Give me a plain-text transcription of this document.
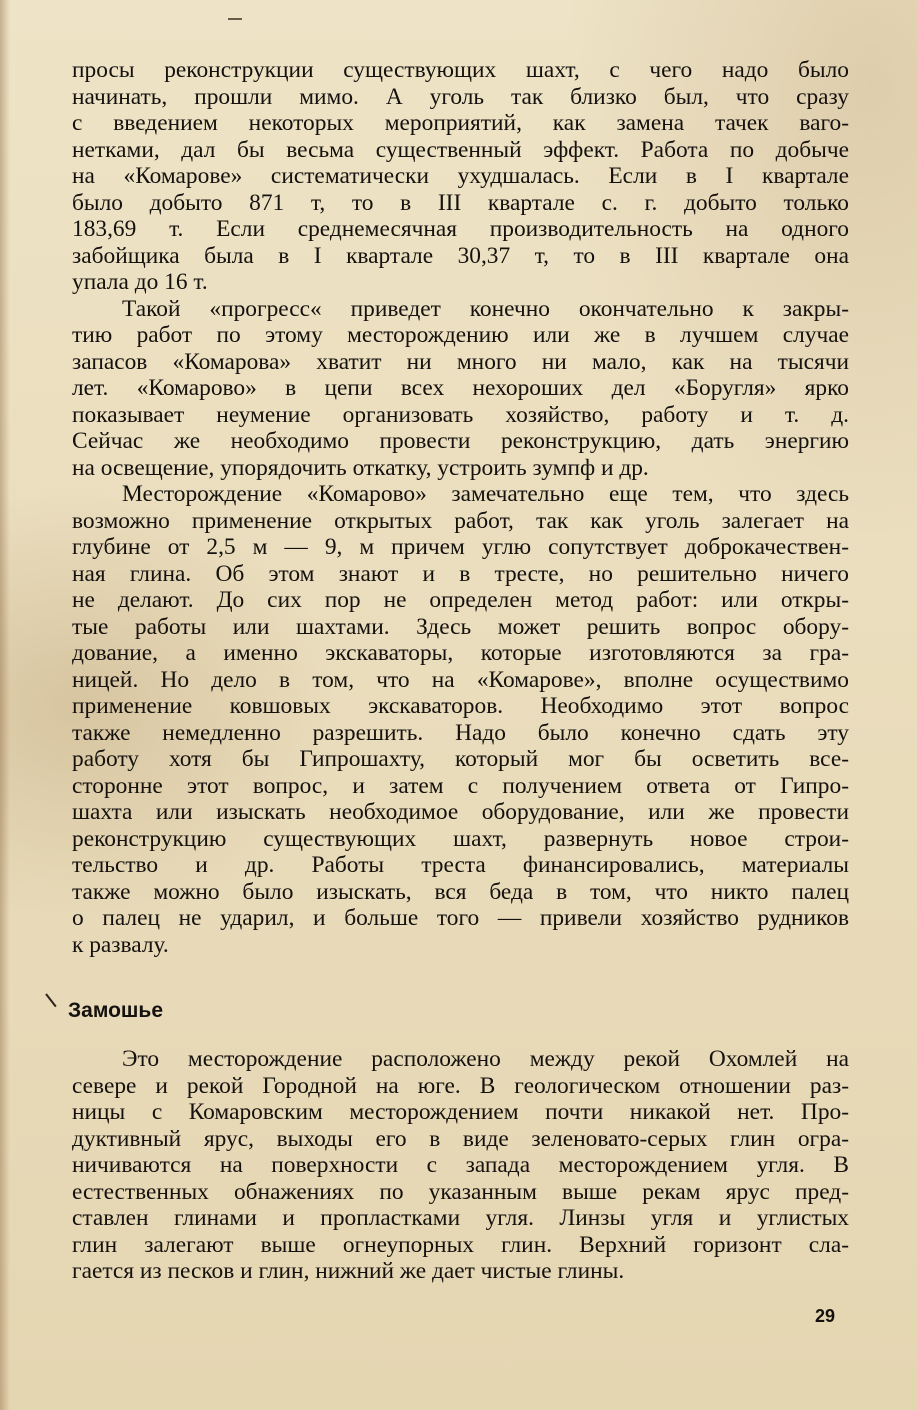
просы реконструкции существующих шахт, с чего надо было
начинать, прошли мимо. А уголь так близко был, что сразу
с введением некоторых мероприятий, как замена тачек ваго-
нетками, дал бы весьма существенный эффект. Работа по добыче
на «Комарове» систематически ухудшалась. Если в I квартале
было добыто 871 т, то в III квартале с. г. добыто только
183,69 т. Если среднемесячная производительность на одного
забойщика была в I квартале 30,37 т, то в III квартале она
упала до 16 т.
Такой «прогресс« приведет конечно окончательно к закры-
тию работ по этому месторождению или же в лучшем случае
запасов «Комарова» хватит ни много ни мало, как на тысячи
лет. «Комарово» в цепи всех нехороших дел «Боругля» ярко
показывает неумение организовать хозяйство, работу и т. д.
Сейчас же необходимо провести реконструкцию, дать энергию
на освещение, упорядочить откатку, устроить зумпф и др.
Месторождение «Комарово» замечательно еще тем, что здесь
возможно применение открытых работ, так как уголь залегает на
глубине от 2,5 м — 9, м причем углю сопутствует доброкачествен-
ная глина. Об этом знают и в тресте, но решительно ничего
не делают. До сих пор не определен метод работ: или откры-
тые работы или шахтами. Здесь может решить вопрос обору-
дование, а именно экскаваторы, которые изготовляются за гра-
ницей. Но дело в том, что на «Комарове», вполне осуществимо
применение ковшовых экскаваторов. Необходимо этот вопрос
также немедленно разрешить. Надо было конечно сдать эту
работу хотя бы Гипрошахту, который мог бы осветить все-
сторонне этот вопрос, и затем с получением ответа от Гипро-
шахта или изыскать необходимое оборудование, или же провести
реконструкцию существующих шахт, развернуть новое строи-
тельство и др. Работы треста финансировались, материалы
также можно было изыскать, вся беда в том, что никто палец
о палец не ударил, и больше того — привели хозяйство рудников
к развалу.
Замошье
Это месторождение расположено между рекой Охомлей на
севере и рекой Городной на юге. В геологическом отношении раз-
ницы с Комаровским месторождением почти никакой нет. Про-
дуктивный ярус, выходы его в виде зеленовато-серых глин огра-
ничиваются на поверхности с запада месторождением угля. В
естественных обнажениях по указанным выше рекам ярус пред-
ставлен глинами и пропластками угля. Линзы угля и углистых
глин залегают выше огнеупорных глин. Верхний горизонт сла-
гается из песков и глин, нижний же дает чистые глины.
29
